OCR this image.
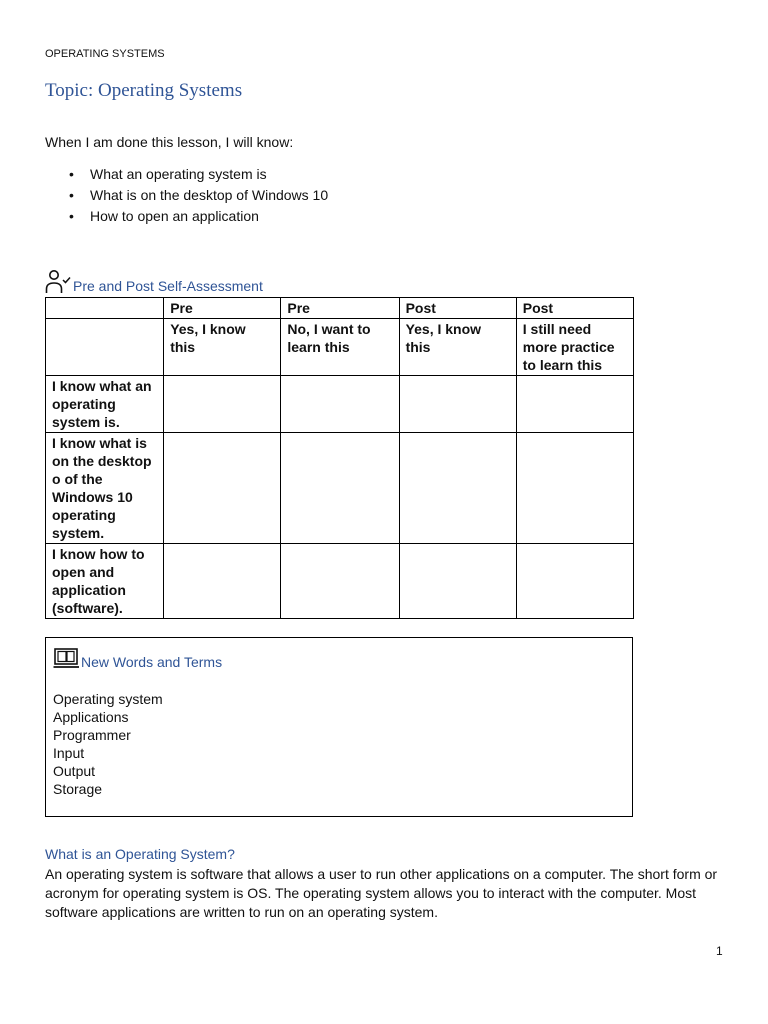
OPERATING SYSTEMS
Topic: Operating Systems
When I am done this lesson, I will know:
• What an operating system is
• What is on the desktop of Windows 10
• How to open an application
Pre and Post Self-Assessment
	Pre	Pre	Post	Post
	Yes, I know this	No, I want to learn this	Yes, I know this	I still need more practice to learn this
I know what an operating system is.				
I know what is on the desktop o of the Windows 10 operating system.				
I know how to open and application (software).				
New Words and Terms
Operating system
Applications
Programmer
Input
Output
Storage
What is an Operating System?
An operating system is software that allows a user to run other applications on a computer. The short form or acronym for operating system is OS. The operating system allows you to interact with the computer. Most software applications are written to run on an operating system.
1
